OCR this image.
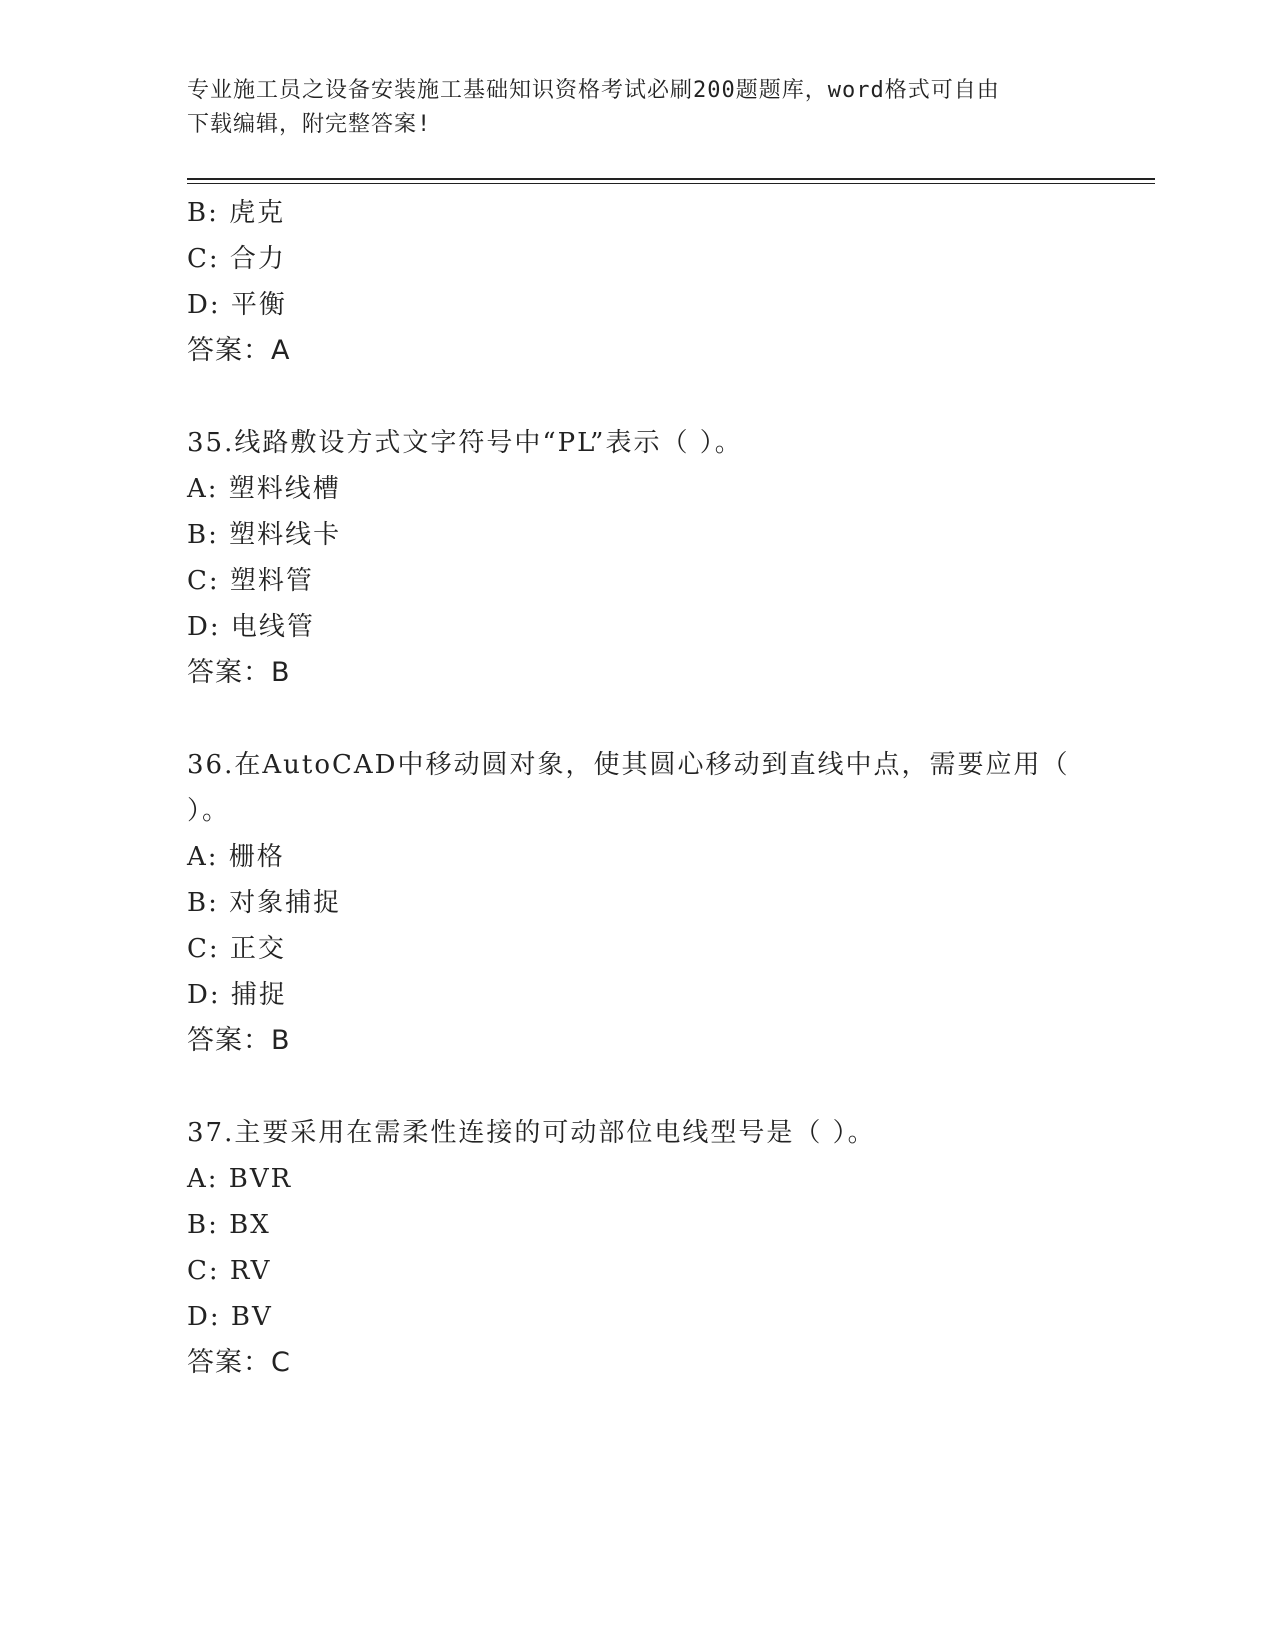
专业施工员之设备安装施工基础知识资格考试必刷200题题库，word格式可自由
下载编辑，附完整答案!
B: 虎克
C: 合力
D: 平衡
答案：A
35.线路敷设方式文字符号中“PL”表示（ ）。
A: 塑料线槽
B: 塑料线卡
C: 塑料管
D: 电线管
答案：B
36.在AutoCAD中移动圆对象，使其圆心移动到直线中点，需要应用（
）。
A: 栅格
B: 对象捕捉
C: 正交
D: 捕捉
答案：B
37.主要采用在需柔性连接的可动部位电线型号是（ ）。
A: BVR
B: BX
C: RV
D: BV
答案：C
